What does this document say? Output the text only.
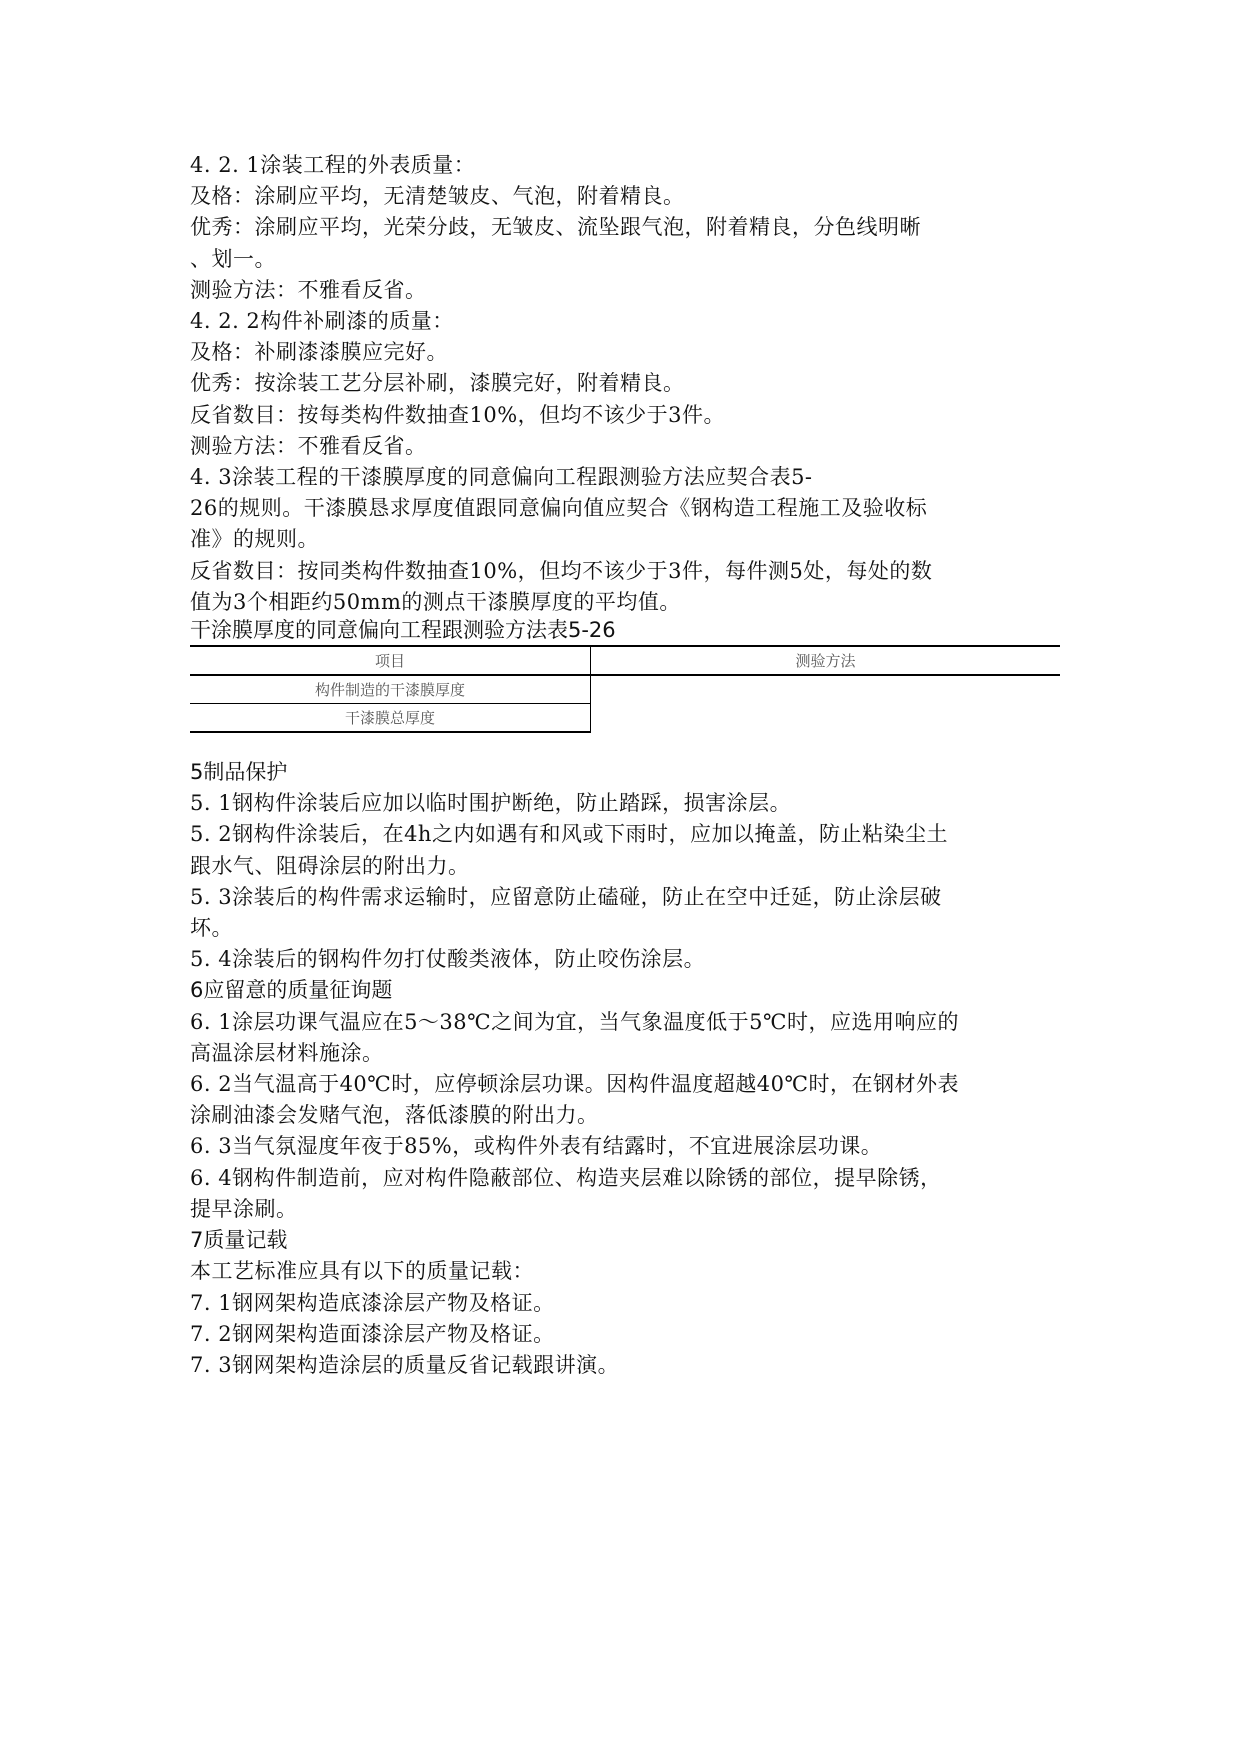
4. 2. 1涂装工程的外表质量：

及格：涂刷应平均，无清楚皱皮、气泡，附着精良。

优秀：涂刷应平均，光荣分歧，无皱皮、流坠跟气泡，附着精良，分色线明晰

、划一。

测验方法：不雅看反省。

4. 2. 2构件补刷漆的质量：

及格：补刷漆漆膜应完好。

优秀：按涂装工艺分层补刷，漆膜完好，附着精良。

反省数目：按每类构件数抽查10%，但均不该少于3件。

测验方法：不雅看反省。

4. 3涂装工程的干漆膜厚度的同意偏向工程跟测验方法应契合表5-

26的规则。干漆膜恳求厚度值跟同意偏向值应契合《钢构造工程施工及验收标

准》的规则。

反省数目：按同类构件数抽查10%，但均不该少于3件，每件测5处，每处的数

值为3个相距约50mm的测点干漆膜厚度的平均值。

干涂膜厚度的同意偏向工程跟测验方法表5-26

项目	测验方法
构件制造的干漆膜厚度	
干漆膜总厚度	

5制品保护

5. 1钢构件涂装后应加以临时围护断绝，防止踏踩，损害涂层。

5. 2钢构件涂装后，在4h之内如遇有和风或下雨时，应加以掩盖，防止粘染尘土

跟水气、阻碍涂层的附出力。

5. 3涂装后的构件需求运输时，应留意防止磕碰，防止在空中迁延，防止涂层破

坏。

5. 4涂装后的钢构件勿打仗酸类液体，防止咬伤涂层。

6应留意的质量征询题

6. 1涂层功课气温应在5～38℃之间为宜，当气象温度低于5℃时，应选用响应的

高温涂层材料施涂。

6. 2当气温高于40℃时，应停顿涂层功课。因构件温度超越40℃时，在钢材外表

涂刷油漆会发赌气泡，落低漆膜的附出力。

6. 3当气氛湿度年夜于85%，或构件外表有结露时，不宜进展涂层功课。

6. 4钢构件制造前，应对构件隐蔽部位、构造夹层难以除锈的部位，提早除锈，

提早涂刷。

7质量记载

本工艺标准应具有以下的质量记载：

7. 1钢网架构造底漆涂层产物及格证。

7. 2钢网架构造面漆涂层产物及格证。

7. 3钢网架构造涂层的质量反省记载跟讲演。
